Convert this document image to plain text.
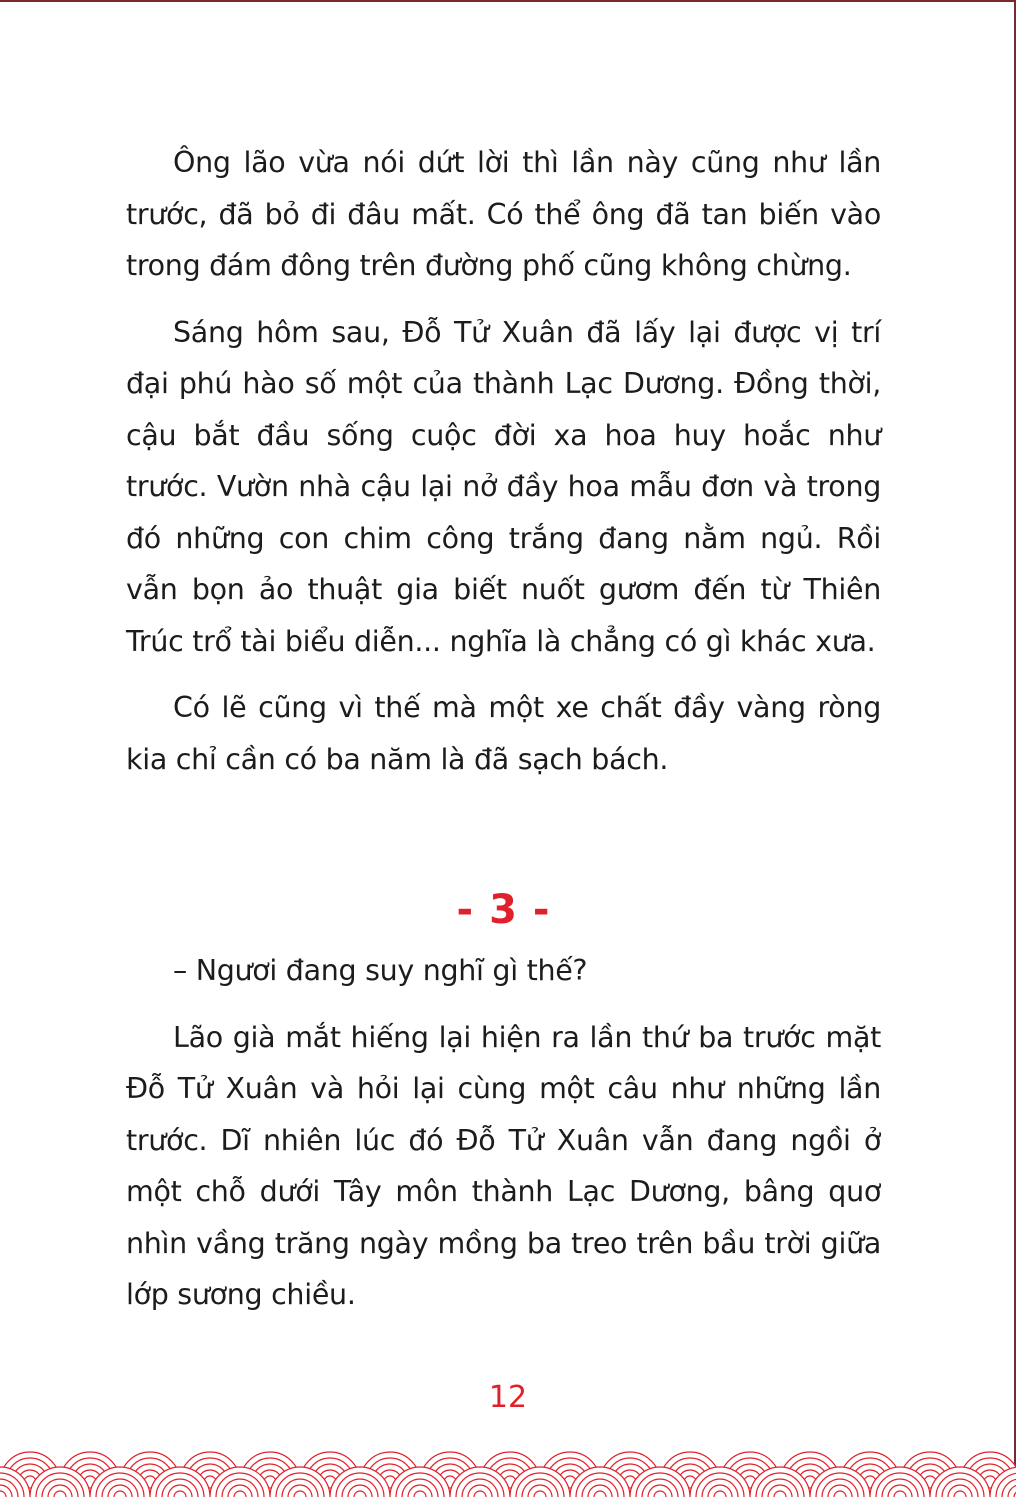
Ông lão vừa nói dứt lời thì lần này cũng như lần trước, đã bỏ đi đâu mất. Có thể ông đã tan biến vào trong đám đông trên đường phố cũng không chừng.

Sáng hôm sau, Đỗ Tử Xuân đã lấy lại được vị trí đại phú hào số một của thành Lạc Dương. Đồng thời, cậu bắt đầu sống cuộc đời xa hoa huy hoắc như trước. Vườn nhà cậu lại nở đầy hoa mẫu đơn và trong đó những con chim công trắng đang nằm ngủ. Rồi vẫn bọn ảo thuật gia biết nuốt gươm đến từ Thiên Trúc trổ tài biểu diễn... nghĩa là chẳng có gì khác xưa.

Có lẽ cũng vì thế mà một xe chất đầy vàng ròng kia chỉ cần có ba năm là đã sạch bách.

- 3 -

– Ngươi đang suy nghĩ gì thế?

Lão già mắt hiếng lại hiện ra lần thứ ba trước mặt Đỗ Tử Xuân và hỏi lại cùng một câu như những lần trước. Dĩ nhiên lúc đó Đỗ Tử Xuân vẫn đang ngồi ở một chỗ dưới Tây môn thành Lạc Dương, bâng quơ nhìn vầng trăng ngày mồng ba treo trên bầu trời giữa lớp sương chiều.

12
